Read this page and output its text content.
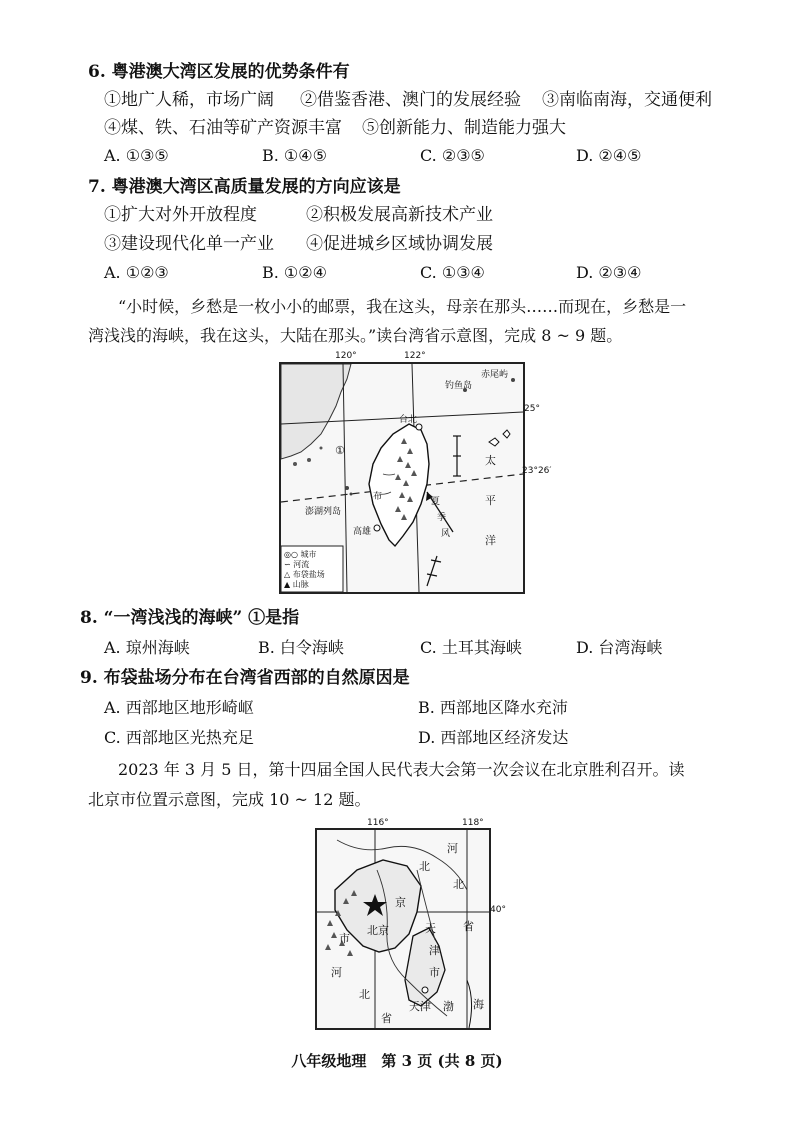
6. 粤港澳大湾区发展的优势条件有
①地广人稀，市场广阔 ②借鉴香港、澳门的发展经验 ③南临南海，交通便利
④煤、铁、石油等矿产资源丰富 ⑤创新能力、制造能力强大
A. ①③⑤	B. ①④⑤	C. ②③⑤	D. ②④⑤
7. 粤港澳大湾区高质量发展的方向应该是
①扩大对外开放程度	②积极发展高新技术产业
③建设现代化单一产业 ④促进城乡区域协调发展
A. ①②③	B. ①②④	C. ①③④	D. ②③④
“小时候，乡愁是一枚小小的邮票，我在这头，母亲在那头……而现在，乡愁是一
湾浅浅的海峡，我在这头，大陆在那头。”读台湾省示意图，完成 8 ~ 9 题。
120°	122°
钓鱼岛
赤尾屿
台北
高雄
澎湖列岛
①
布
太
平
洋
夏
季
风
◎○ 城市
∽ 河流
△ 布袋盐场
▲ 山脉
25°
23°26′
8. “一湾浅浅的海峡” ①是指
A. 琼州海峡	B. 白令海峡	C. 土耳其海峡	D. 台湾海峡
9. 布袋盐场分布在台湾省西部的自然原因是
A. 西部地区地形崎岖	B. 西部地区降水充沛
C. 西部地区光热充足	D. 西部地区经济发达
2023 年 3 月 5 日，第十四届全国人民代表大会第一次会议在北京胜利召开。读
北京市位置示意图，完成 10 ~ 12 题。
116°	118°
北京
天津
河
北
省
北
河
北
省
市
京
天
津
市
渤 海
40°
八年级地理　第 3 页 (共 8 页)
